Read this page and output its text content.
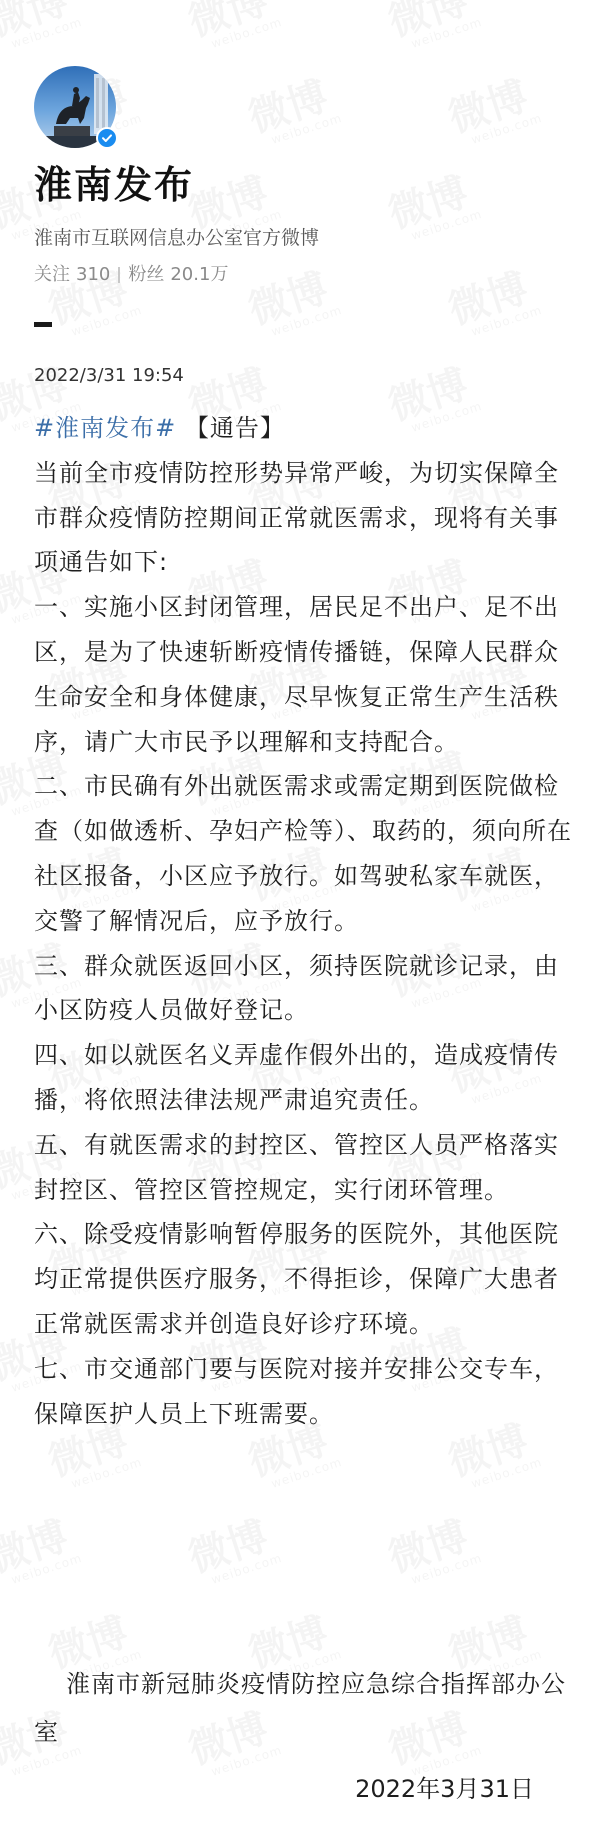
淮南发布
淮南市互联网信息办公室官方微博
关注 310 粉丝 20.1万
2022/3/31 19:54

#淮南发布# 【通告】

当前全市疫情防控形势异常严峻，为切实保障全市群众疫情防控期间正常就医需求，现将有关事项通告如下:

一、实施小区封闭管理，居民足不出户、足不出区，是为了快速斩断疫情传播链，保障人民群众生命安全和身体健康，尽早恢复正常生产生活秩序，请广大市民予以理解和支持配合。

二、市民确有外出就医需求或需定期到医院做检查（如做透析、孕妇产检等）、取药的，须向所在社区报备，小区应予放行。如驾驶私家车就医，交警了解情况后，应予放行。

三、群众就医返回小区，须持医院就诊记录，由小区防疫人员做好登记。

四、如以就医名义弄虚作假外出的，造成疫情传播，将依照法律法规严肃追究责任。

五、有就医需求的封控区、管控区人员严格落实封控区、管控区管控规定，实行闭环管理。

六、除受疫情影响暂停服务的医院外，其他医院均正常提供医疗服务，不得拒诊，保障广大患者正常就医需求并创造良好诊疗环境。

七、市交通部门要与医院对接并安排公交专车，保障医护人员上下班需要。

淮南市新冠肺炎疫情防控应急综合指挥部办公室

2022年3月31日
